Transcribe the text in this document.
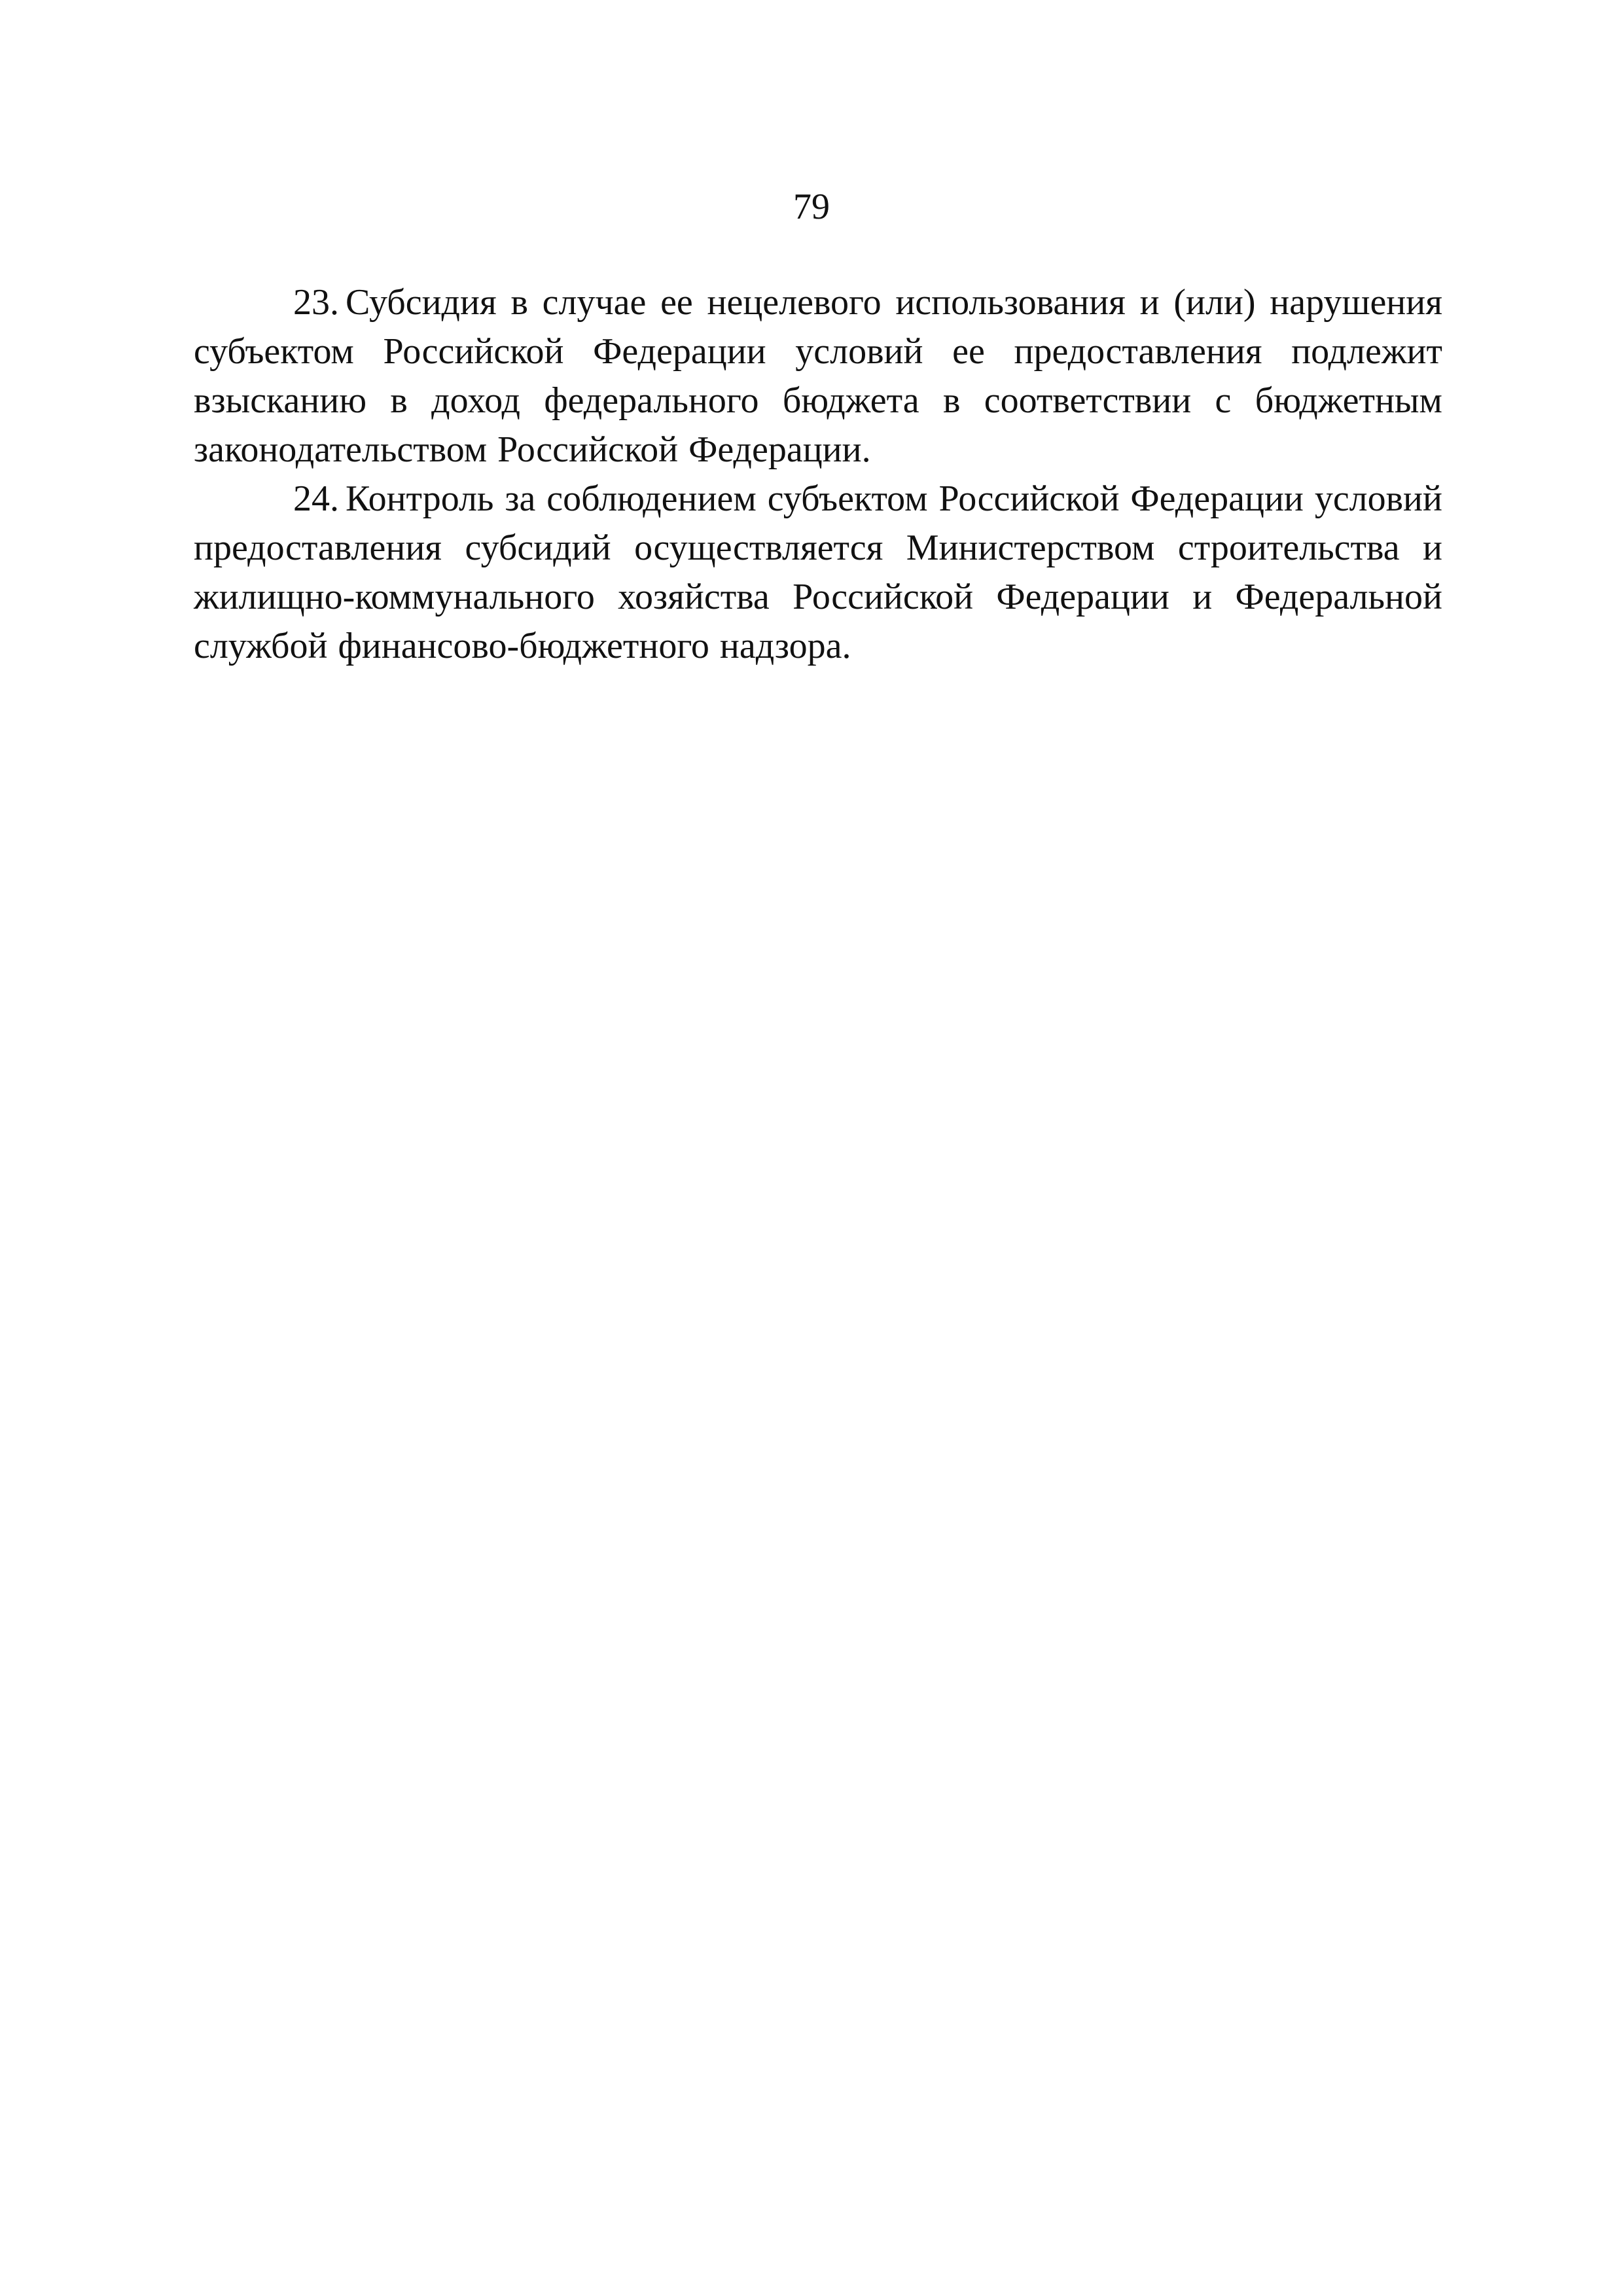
79

23. Субсидия в случае ее нецелевого использования и (или) нарушения субъектом Российской Федерации условий ее предоставления подлежит взысканию в доход федерального бюджета в соответствии с бюджетным законодательством Российской Федерации.

24. Контроль за соблюдением субъектом Российской Федерации условий предоставления субсидий осуществляется Министерством строительства и жилищно-коммунального хозяйства Российской Федерации и Федеральной службой финансово-бюджетного надзора.
